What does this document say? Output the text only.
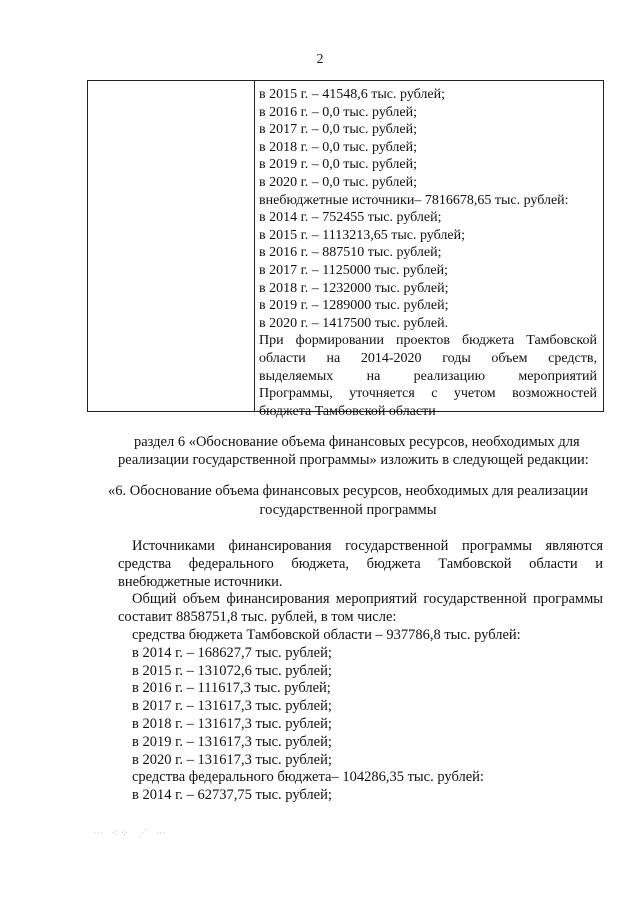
2
в 2015 г. – 41548,6 тыс. рублей;
в 2016 г. – 0,0 тыс. рублей;
в 2017 г. – 0,0 тыс. рублей;
в 2018 г. – 0,0 тыс. рублей;
в 2019 г. – 0,0 тыс. рублей;
в 2020 г. – 0,0 тыс. рублей;
внебюджетные источники– 7816678,65 тыс. рублей:
в 2014 г. – 752455 тыс. рублей;
в 2015 г. – 1113213,65 тыс. рублей;
в 2016 г. – 887510 тыс. рублей;
в 2017 г. – 1125000 тыс. рублей;
в 2018 г. – 1232000 тыс. рублей;
в 2019 г. – 1289000 тыс. рублей;
в 2020 г. – 1417500 тыс. рублей.
При формировании проектов бюджета Тамбовской
области на 2014-2020 годы объем средств,
выделяемых на реализацию мероприятий
Программы, уточняется с учетом возможностей
бюджета Тамбовской области
раздел 6 «Обоснование объема финансовых ресурсов, необходимых для реализации государственной программы» изложить в следующей редакции:
«6. Обоснование объема финансовых ресурсов, необходимых для реализации государственной программы
Источниками финансирования государственной программы являются средства федерального бюджета, бюджета Тамбовской области и внебюджетные источники.
Общий объем финансирования мероприятий государственной программы составит 8858751,8 тыс. рублей, в том числе:
средства бюджета Тамбовской области – 937786,8 тыс. рублей:
в 2014 г. – 168627,7 тыс. рублей;
в 2015 г. – 131072,6 тыс. рублей;
в 2016 г. – 111617,3 тыс. рублей;
в 2017 г. – 131617,3 тыс. рублей;
в 2018 г. – 131617,3 тыс. рублей;
в 2019 г. – 131617,3 тыс. рублей;
в 2020 г. – 131617,3 тыс. рублей;
средства федерального бюджета– 104286,35 тыс. рублей:
в 2014 г. – 62737,75 тыс. рублей;
⋯ ⁖⁘ ⋰ ⋯
